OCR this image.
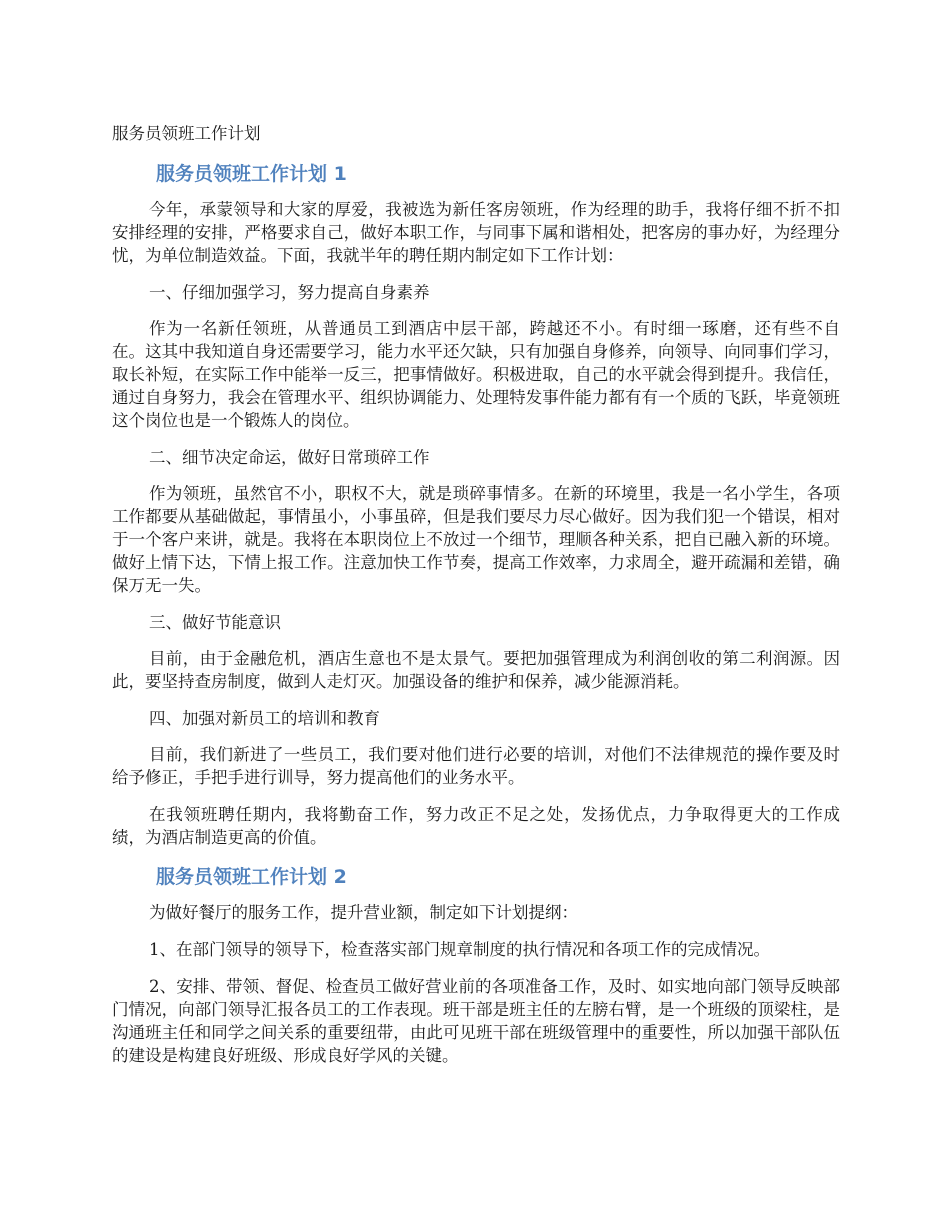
服务员领班工作计划
服务员领班工作计划 1

今年，承蒙领导和大家的厚爱，我被选为新任客房领班，作为经理的助手，我将仔细不折不扣安排经理的安排，严格要求自己，做好本职工作，与同事下属和谐相处，把客房的事办好，为经理分忧，为单位制造效益。下面，我就半年的聘任期内制定如下工作计划：

一、仔细加强学习，努力提高自身素养

作为一名新任领班，从普通员工到酒店中层干部，跨越还不小。有时细一琢磨，还有些不自在。这其中我知道自身还需要学习，能力水平还欠缺，只有加强自身修养，向领导、向同事们学习，取长补短，在实际工作中能举一反三，把事情做好。积极进取，自己的水平就会得到提升。我信任，通过自身努力，我会在管理水平、组织协调能力、处理特发事件能力都有有一个质的飞跃，毕竟领班这个岗位也是一个锻炼人的岗位。

二、细节决定命运，做好日常琐碎工作

作为领班，虽然官不小，职权不大，就是琐碎事情多。在新的环境里，我是一名小学生，各项工作都要从基础做起，事情虽小，小事虽碎，但是我们要尽力尽心做好。因为我们犯一个错误，相对于一个客户来讲，就是。我将在本职岗位上不放过一个细节，理顺各种关系，把自已融入新的环境。做好上情下达，下情上报工作。注意加快工作节奏，提高工作效率，力求周全，避开疏漏和差错，确保万无一失。

三、做好节能意识

目前，由于金融危机，酒店生意也不是太景气。要把加强管理成为利润创收的第二利润源。因此，要坚持查房制度，做到人走灯灭。加强设备的维护和保养，减少能源消耗。

四、加强对新员工的培训和教育

目前，我们新进了一些员工，我们要对他们进行必要的培训，对他们不法律规范的操作要及时给予修正，手把手进行训导，努力提高他们的业务水平。

在我领班聘任期内，我将勤奋工作，努力改正不足之处，发扬优点，力争取得更大的工作成绩，为酒店制造更高的价值。

服务员领班工作计划 2

为做好餐厅的服务工作，提升营业额，制定如下计划提纲：

1、在部门领导的领导下，检查落实部门规章制度的执行情况和各项工作的完成情况。

2、安排、带领、督促、检查员工做好营业前的各项准备工作，及时、如实地向部门领导反映部门情况，向部门领导汇报各员工的工作表现。班干部是班主任的左膀右臂，是一个班级的顶梁柱，是沟通班主任和同学之间关系的重要纽带，由此可见班干部在班级管理中的重要性，所以加强干部队伍的建设是构建良好班级、形成良好学风的关键。
